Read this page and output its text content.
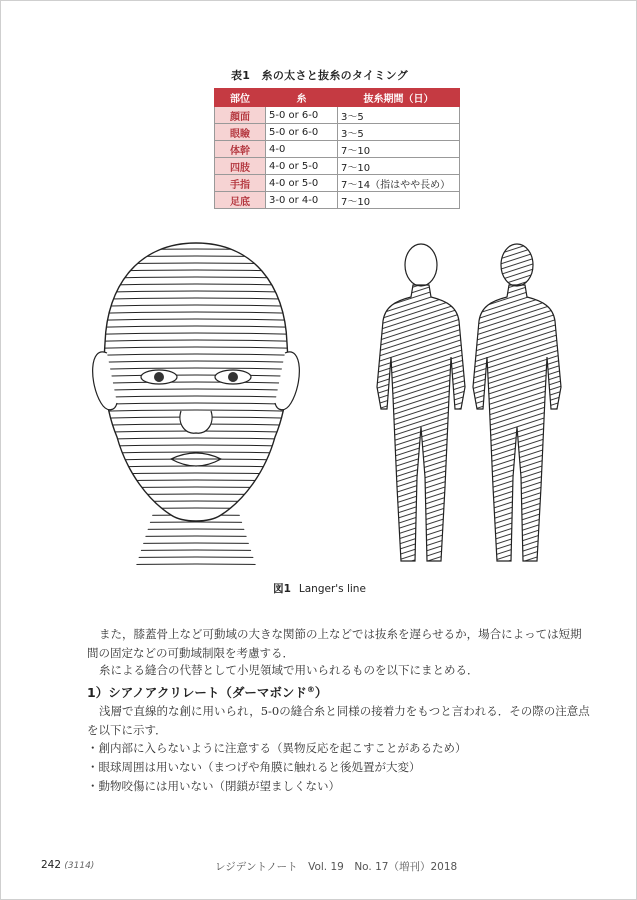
表1　糸の太さと抜糸のタイミング
部位	糸	抜糸期間（日）
顔面	5-0 or 6-0	3～5
眼瞼	5-0 or 6-0	3～5
体幹	4-0	7～10
四肢	4-0 or 5-0	7～10
手指	4-0 or 5-0	7～14（指はやや長め）
足底	3-0 or 4-0	7～10
図1 Langer's line

また，膝蓋骨上など可動域の大きな関節の上などでは抜糸を遅らせるか，場合によっては短期間の固定などの可動域制限を考慮する．

糸による縫合の代替として小児領域で用いられるものを以下にまとめる．

1）シアノアクリレート（ダーマボンド®）

浅層で直線的な創に用いられ，5-0の縫合糸と同様の接着力をもつと言われる．その際の注意点を以下に示す．

・創内部に入らないように注意する（異物反応を起こすことがあるため）

・眼球周囲は用いない（まつげや角膜に触れると後処置が大変）

・動物咬傷には用いない（閉鎖が望ましくない）

242 (3114)	レジデントノート　Vol. 19　No. 17（増刊）2018
